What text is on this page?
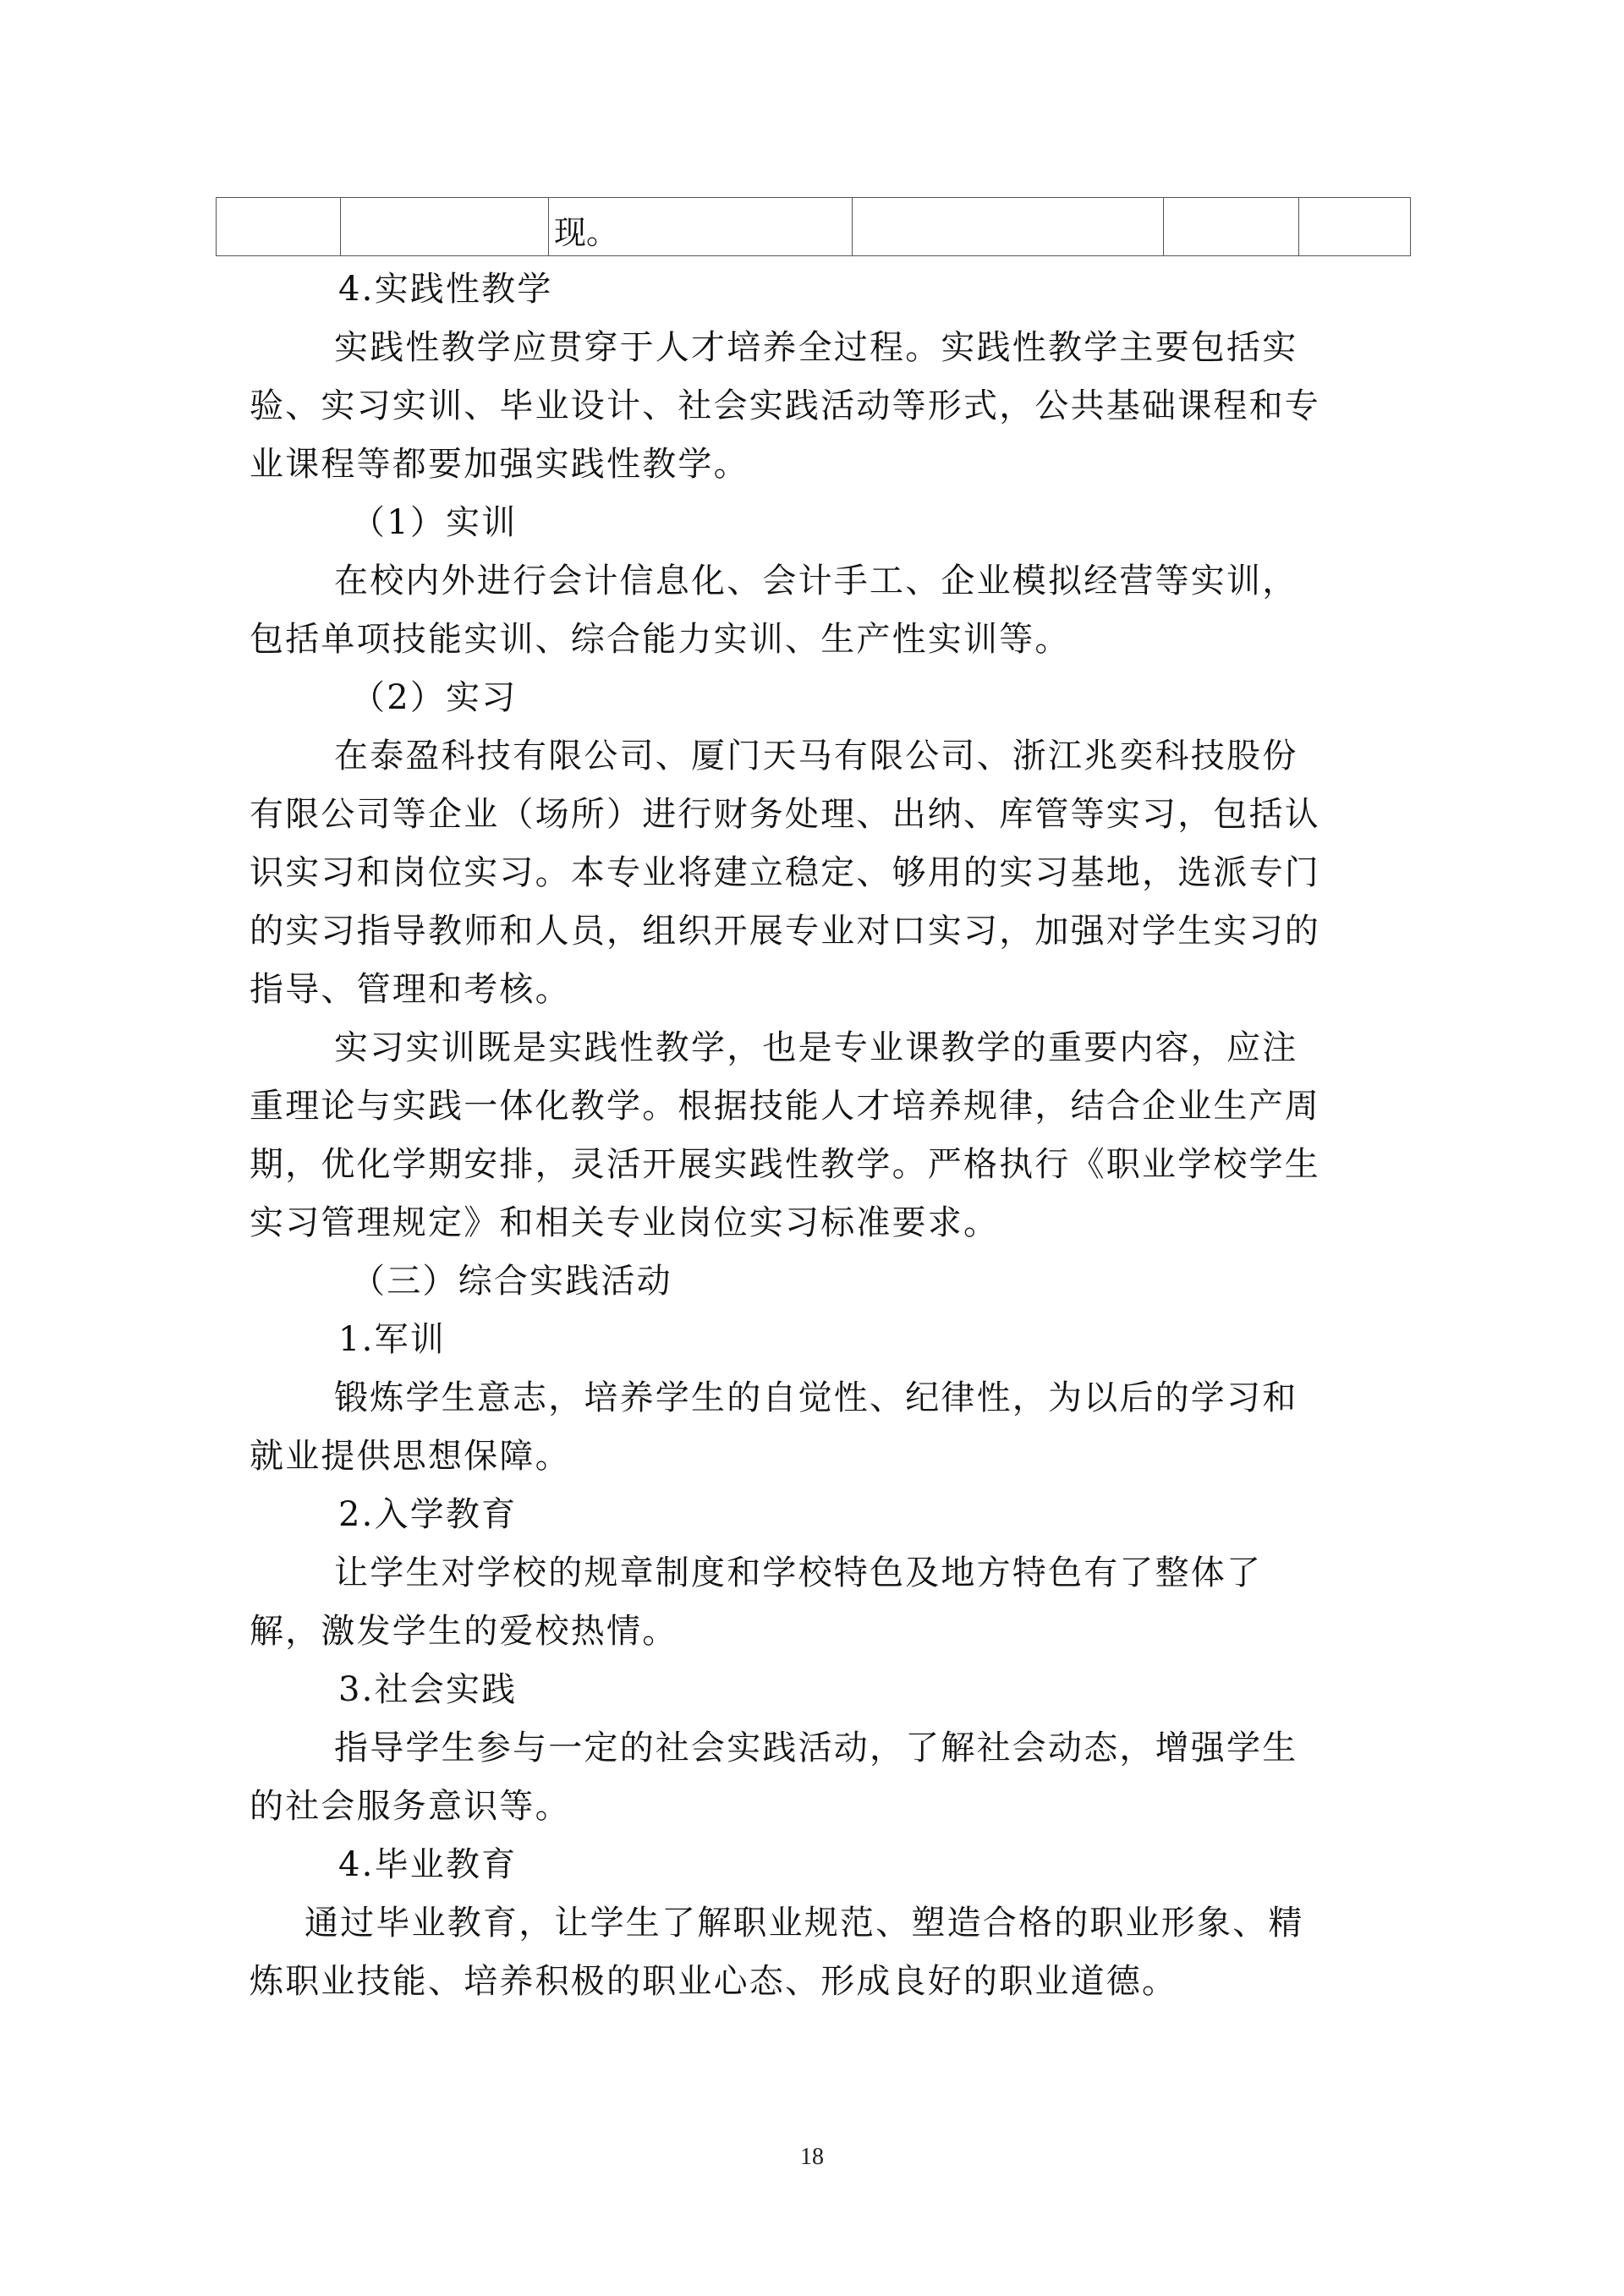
		现。			
4.实践性教学
实践性教学应贯穿于人才培养全过程。实践性教学主要包括实
验、实习实训、毕业设计、社会实践活动等形式，公共基础课程和专
业课程等都要加强实践性教学。
（1）实训
在校内外进行会计信息化、会计手工、企业模拟经营等实训，
包括单项技能实训、综合能力实训、生产性实训等。
（2）实习
在泰盈科技有限公司、厦门天马有限公司、浙江兆奕科技股份
有限公司等企业（场所）进行财务处理、出纳、库管等实习，包括认
识实习和岗位实习。本专业将建立稳定、够用的实习基地，选派专门
的实习指导教师和人员，组织开展专业对口实习，加强对学生实习的
指导、管理和考核。
实习实训既是实践性教学，也是专业课教学的重要内容，应注
重理论与实践一体化教学。根据技能人才培养规律，结合企业生产周
期，优化学期安排，灵活开展实践性教学。严格执行《职业学校学生
实习管理规定》和相关专业岗位实习标准要求。
（三）综合实践活动
1.军训
锻炼学生意志，培养学生的自觉性、纪律性，为以后的学习和
就业提供思想保障。
2.入学教育
让学生对学校的规章制度和学校特色及地方特色有了整体了
解，激发学生的爱校热情。
3.社会实践
指导学生参与一定的社会实践活动，了解社会动态，增强学生
的社会服务意识等。
4.毕业教育
通过毕业教育，让学生了解职业规范、塑造合格的职业形象、精
炼职业技能、培养积极的职业心态、形成良好的职业道德。
18
